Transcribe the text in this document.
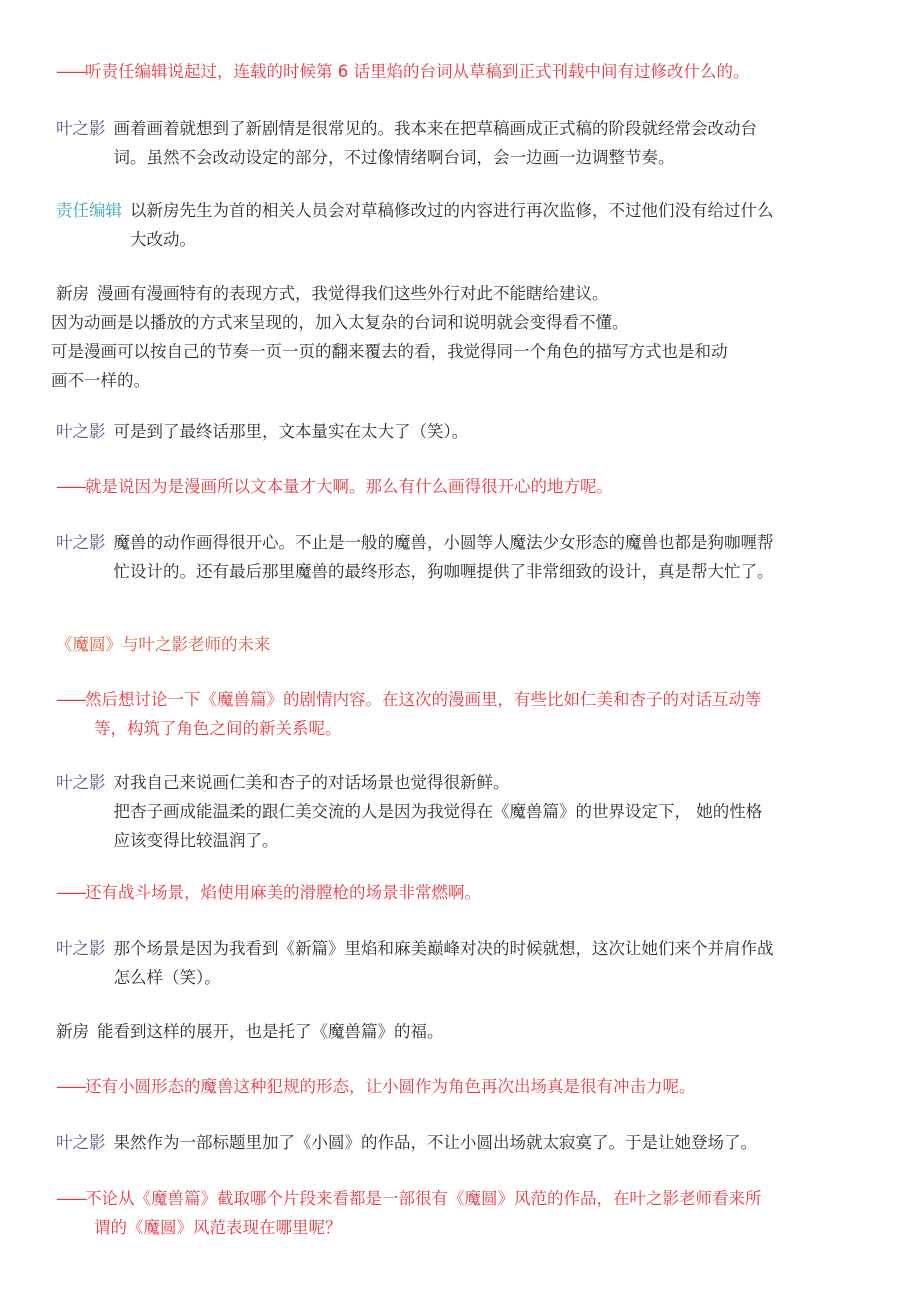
——听责任编辑说起过，连载的时候第 6 话里焰的台词从草稿到正式刊载中间有过修改什么的。
叶之影 画着画着就想到了新剧情是很常见的。我本来在把草稿画成正式稿的阶段就经常会改动台
词。虽然不会改动设定的部分，不过像情绪啊台词，会一边画一边调整节奏。
责任编辑 以新房先生为首的相关人员会对草稿修改过的内容进行再次监修，不过他们没有给过什么
大改动。
新房 漫画有漫画特有的表现方式，我觉得我们这些外行对此不能瞎给建议。
因为动画是以播放的方式来呈现的，加入太复杂的台词和说明就会变得看不懂。
可是漫画可以按自己的节奏一页一页的翻来覆去的看，我觉得同一个角色的描写方式也是和动
画不一样的。
叶之影 可是到了最终话那里，文本量实在太大了（笑）。
——就是说因为是漫画所以文本量才大啊。那么有什么画得很开心的地方呢。
叶之影 魔兽的动作画得很开心。不止是一般的魔兽，小圆等人魔法少女形态的魔兽也都是狗咖喱帮
忙设计的。还有最后那里魔兽的最终形态，狗咖喱提供了非常细致的设计，真是帮大忙了。
《魔圆》与叶之影老师的未来
——然后想讨论一下《魔兽篇》的剧情内容。在这次的漫画里，有些比如仁美和杏子的对话互动等
等，构筑了角色之间的新关系呢。
叶之影 对我自己来说画仁美和杏子的对话场景也觉得很新鲜。
把杏子画成能温柔的跟仁美交流的人是因为我觉得在《魔兽篇》的世界设定下， 她的性格
应该变得比较温润了。
——还有战斗场景，焰使用麻美的滑膛枪的场景非常燃啊。
叶之影 那个场景是因为我看到《新篇》里焰和麻美巅峰对决的时候就想，这次让她们来个并肩作战
怎么样（笑）。
新房 能看到这样的展开，也是托了《魔兽篇》的福。
——还有小圆形态的魔兽这种犯规的形态，让小圆作为角色再次出场真是很有冲击力呢。
叶之影 果然作为一部标题里加了《小圆》的作品，不让小圆出场就太寂寞了。于是让她登场了。
——不论从《魔兽篇》截取哪个片段来看都是一部很有《魔圆》风范的作品，在叶之影老师看来所
谓的《魔圆》风范表现在哪里呢？
